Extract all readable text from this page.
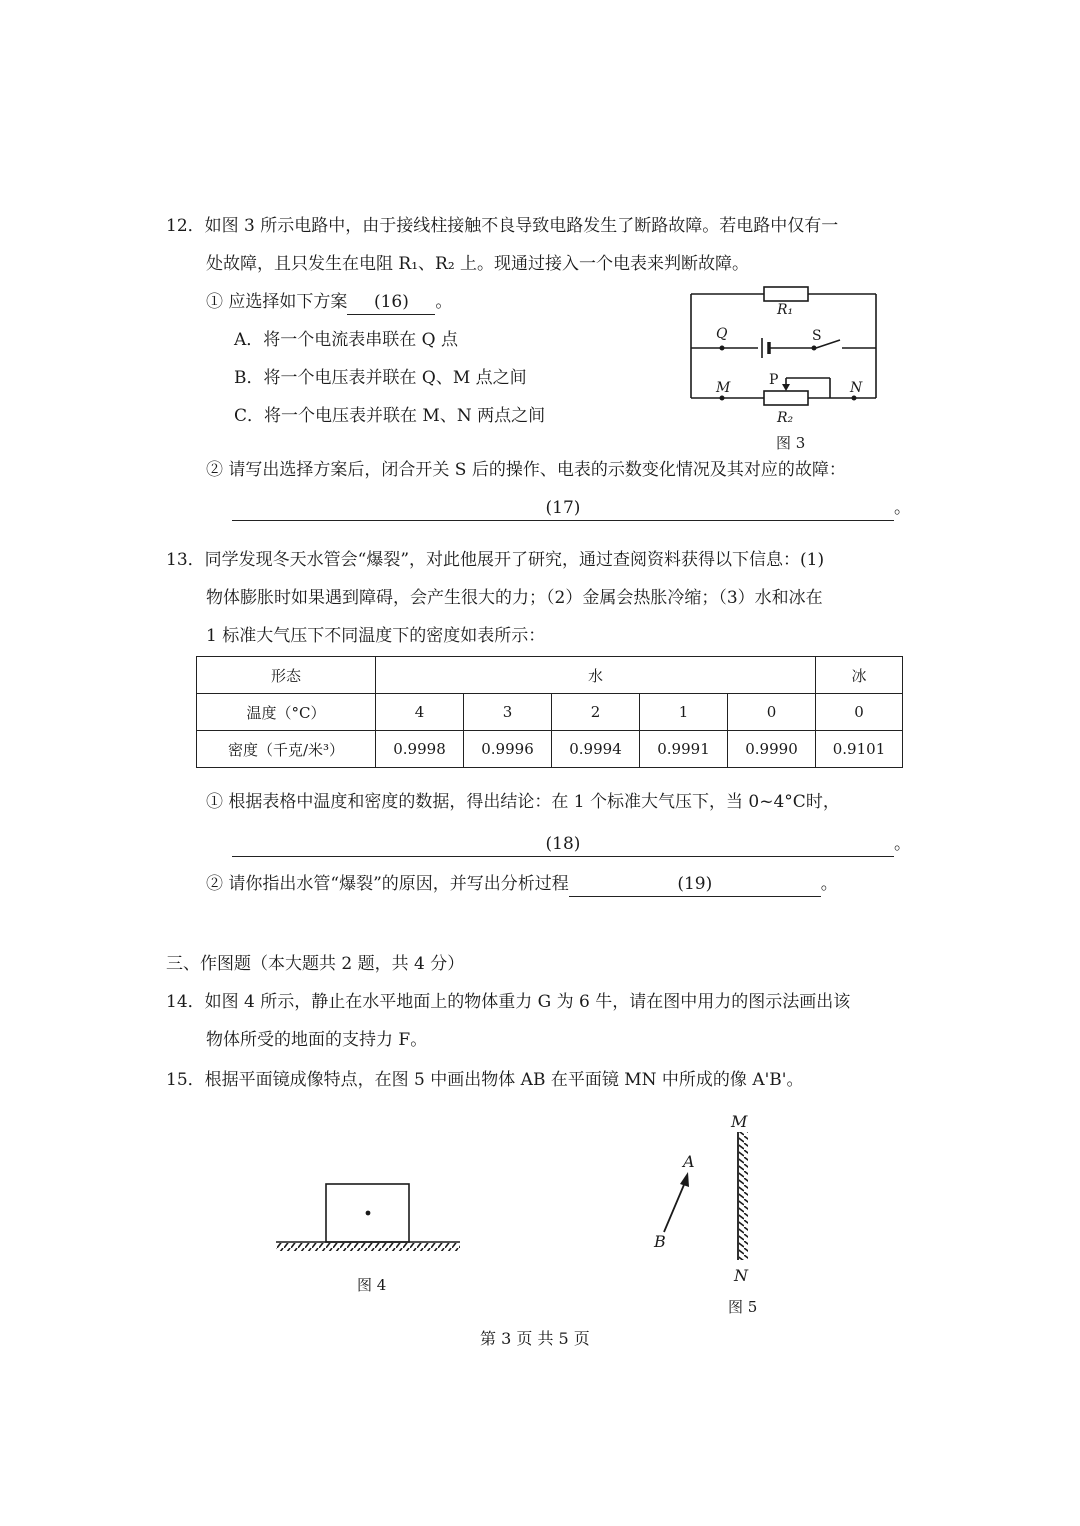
12．如图 3 所示电路中，由于接线柱接触不良导致电路发生了断路故障。若电路中仅有一
处故障，且只发生在电阻 R₁、R₂ 上。现通过接入一个电表来判断故障。
① 应选择如下方案 (16) 。
A．将一个电流表串联在 Q 点
B．将一个电压表并联在 Q、M 点之间
C．将一个电压表并联在 M、N 两点之间
R₁
Q	S
M	P	N
R₂
图 3
② 请写出选择方案后，闭合开关 S 后的操作、电表的示数变化情况及其对应的故障：
(17)	。
13．同学发现冬天水管会“爆裂”，对此他展开了研究，通过查阅资料获得以下信息：(1)
物体膨胀时如果遇到障碍，会产生很大的力；（2）金属会热胀冷缩；（3）水和冰在
1 标准大气压下不同温度下的密度如表所示：
形态	水					冰
温度（°C）	4	3	2	1	0	0
密度（千克/米³）	0.9998	0.9996	0.9994	0.9991	0.9990	0.9101
① 根据表格中温度和密度的数据，得出结论：在 1 个标准大气压下，当 0~4°C时，
(18)	。
② 请你指出水管“爆裂”的原因，并写出分析过程	(19)	。
三、作图题（本大题共 2 题，共 4 分）
14．如图 4 所示，静止在水平地面上的物体重力 G 为 6 牛，请在图中用力的图示法画出该
物体所受的地面的支持力 F。
15．根据平面镜成像特点，在图 5 中画出物体 AB 在平面镜 MN 中所成的像 A'B'。
图 4
M
N
A
B
图 5
第 3 页 共 5 页
